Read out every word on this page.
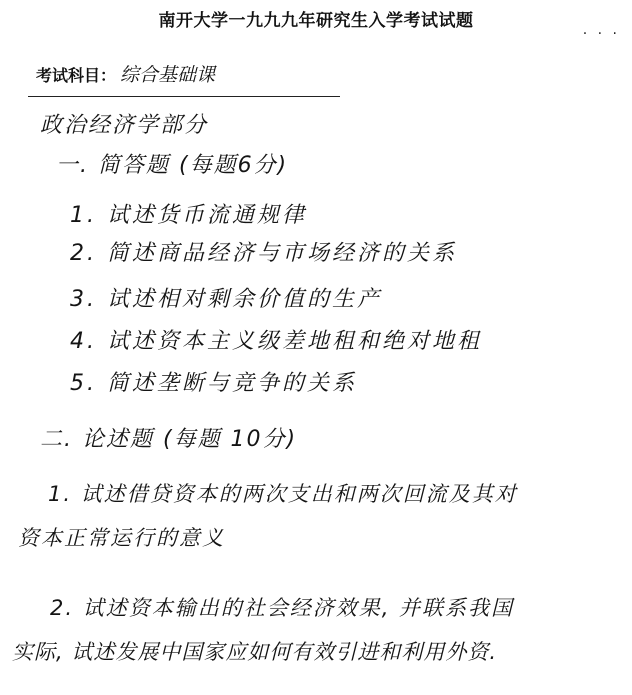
南开大学一九九九年研究生入学考试试题
· · ·
考试科目： 综合基础课
政治经济学部分
一. 简答题 (每题6分)
1. 试述货币流通规律
2. 简述商品经济与市场经济的关系
3. 试述相对剩余价值的生产
4. 试述资本主义级差地租和绝对地租
5. 简述垄断与竞争的关系
二. 论述题 (每题 10分)
1. 试述借贷资本的两次支出和两次回流及其对
资本正常运行的意义
2. 试述资本输出的社会经济效果, 并联系我国
实际, 试述发展中国家应如何有效引进和利用外资.
